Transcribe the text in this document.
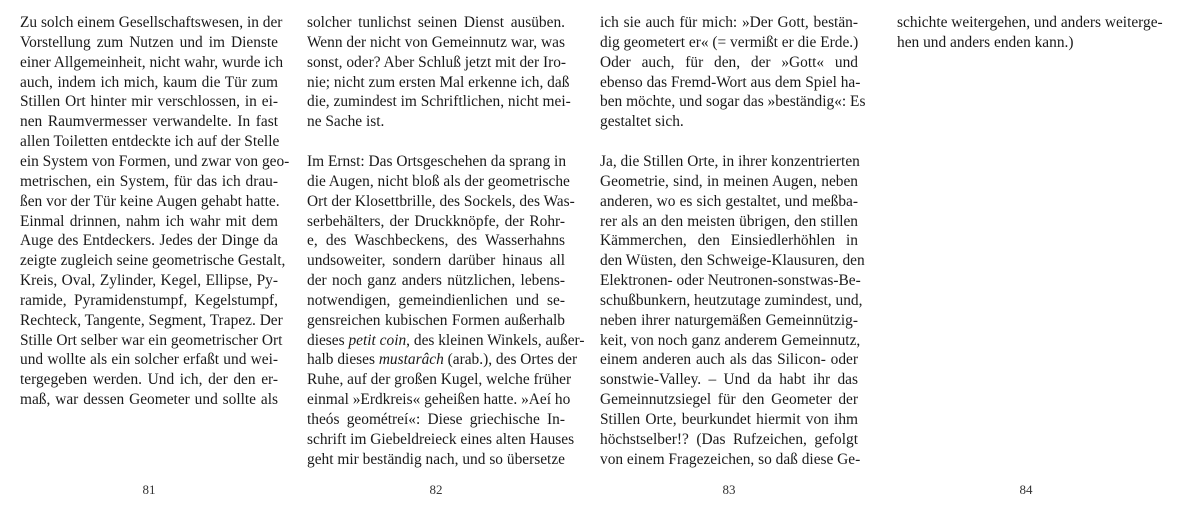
Zu solch einem Gesellschaftswesen, in der
Vorstellung zum Nutzen und im Dienste
einer Allgemeinheit, nicht wahr, wurde ich
auch, indem ich mich, kaum die Tür zum
Stillen Ort hinter mir verschlossen, in ei-
nen Raumvermesser verwandelte. In fast
allen Toiletten entdeckte ich auf der Stelle
ein System von Formen, und zwar von geo-
metrischen, ein System, für das ich drau-
ßen vor der Tür keine Augen gehabt hatte.
Einmal drinnen, nahm ich wahr mit dem
Auge des Entdeckers. Jedes der Dinge da
zeigte zugleich seine geometrische Gestalt,
Kreis, Oval, Zylinder, Kegel, Ellipse, Py-
ramide, Pyramidenstumpf, Kegelstumpf,
Rechteck, Tangente, Segment, Trapez. Der
Stille Ort selber war ein geometrischer Ort
und wollte als ein solcher erfaßt und wei-
tergegeben werden. Und ich, der den er-
maß, war dessen Geometer und sollte als
81
solcher tunlichst seinen Dienst ausüben.
Wenn der nicht von Gemeinnutz war, was
sonst, oder? Aber Schluß jetzt mit der Iro-
nie; nicht zum ersten Mal erkenne ich, daß
die, zumindest im Schriftlichen, nicht mei-
ne Sache ist.
Im Ernst: Das Ortsgeschehen da sprang in
die Augen, nicht bloß als der geometrische
Ort der Klosettbrille, des Sockels, des Was-
serbehälters, der Druckknöpfe, der Rohr-
e, des Waschbeckens, des Wasserhahns
undsoweiter, sondern darüber hinaus all
der noch ganz anders nützlichen, lebens-
notwendigen, gemeindienlichen und se-
gensreichen kubischen Formen außerhalb
dieses petit coin, des kleinen Winkels, außer-
halb dieses mustarâch (arab.), des Ortes der
Ruhe, auf der großen Kugel, welche früher
einmal »Erdkreis« geheißen hatte. »Aeí ho
theós geométreí«: Diese griechische In-
schrift im Giebeldreieck eines alten Hauses
geht mir beständig nach, und so übersetze
82
ich sie auch für mich: »Der Gott, bestän-
dig geometert er« (= vermißt er die Erde.)
Oder auch, für den, der »Gott« und
ebenso das Fremd-Wort aus dem Spiel ha-
ben möchte, und sogar das »beständig«: Es
gestaltet sich.
Ja, die Stillen Orte, in ihrer konzentrierten
Geometrie, sind, in meinen Augen, neben
anderen, wo es sich gestaltet, und meßba-
rer als an den meisten übrigen, den stillen
Kämmerchen, den Einsiedlerhöhlen in
den Wüsten, den Schweige-Klausuren, den
Elektronen- oder Neutronen-sonstwas-Be-
schußbunkern, heutzutage zumindest, und,
neben ihrer naturgemäßen Gemeinnützig-
keit, von noch ganz anderem Gemeinnutz,
einem anderen auch als das Silicon- oder
sonstwie-Valley. – Und da habt ihr das
Gemeinnutzsiegel für den Geometer der
Stillen Orte, beurkundet hiermit von ihm
höchstselber!? (Das Rufzeichen, gefolgt
von einem Fragezeichen, so daß diese Ge-
83
schichte weitergehen, und anders weiterge-
hen und anders enden kann.)
84
